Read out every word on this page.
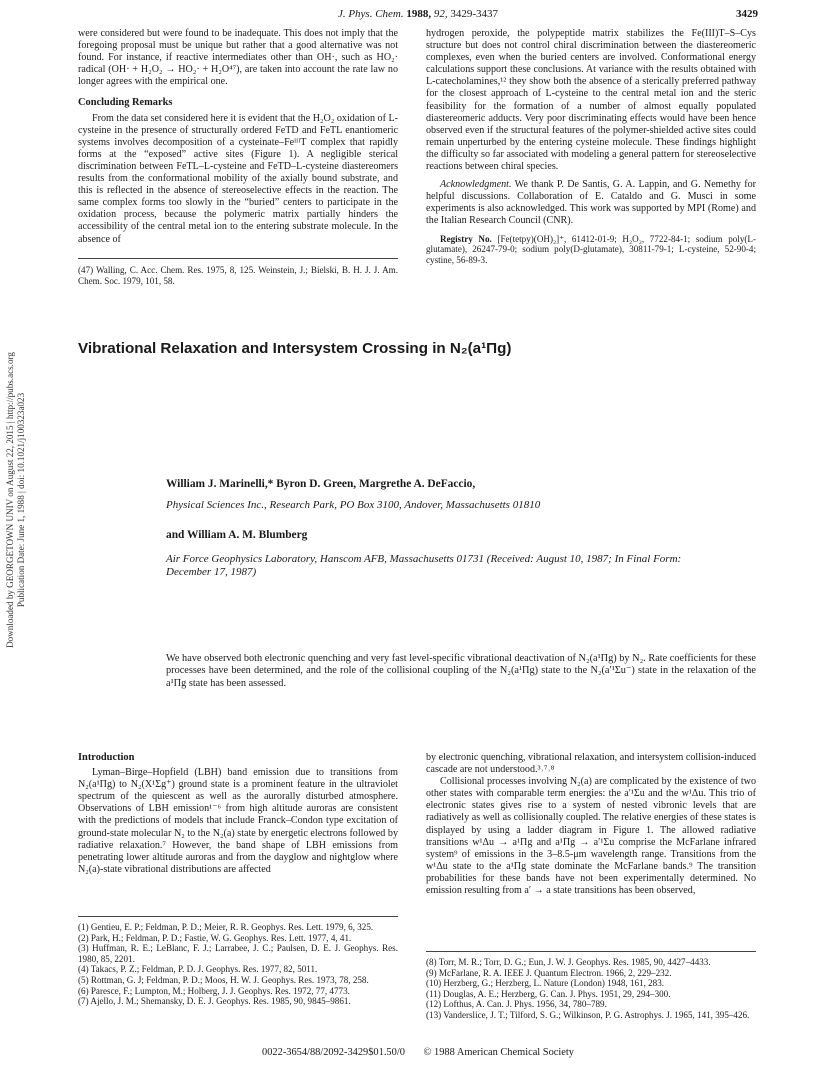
J. Phys. Chem. 1988, 92, 3429-3437	3429
Downloaded by GEORGETOWN UNIV on August 22, 2015 | http://pubs.acs.org Publication Date: June 1, 1988 | doi: 10.1021/j100323a023

were considered but were found to be inadequate. This does not imply that the foregoing proposal must be unique but rather that a good alternative was not found. For instance, if reactive intermediates other than OH·, such as HO₂· radical (OH· + H₂O₂ → HO₂· + H₂O⁴⁷), are taken into account the rate law no longer agrees with the empirical one.

Concluding Remarks

From the data set considered here it is evident that the H₂O₂ oxidation of L-cysteine in the presence of structurally ordered FeTD and FeTL enantiomeric systems involves decomposition of a cysteinate–FeᴵᴵᴵT complex that rapidly forms at the “exposed” active sites (Figure 1). A negligible sterical discrimination between FeTL–L-cysteine and FeTD–L-cysteine diastereomers results from the conformational mobility of the axially bound substrate, and this is reflected in the absence of stereoselective effects in the reaction. The same complex forms too slowly in the “buried” centers to participate in the oxidation process, because the polymeric matrix partially hinders the accessibility of the central metal ion to the entering substrate molecule. In the absence of

(47) Walling, C. Acc. Chem. Res. 1975, 8, 125. Weinstein, J.; Bielski, B. H. J. J. Am. Chem. Soc. 1979, 101, 58.

hydrogen peroxide, the polypeptide matrix stabilizes the Fe(III)T–S–Cys structure but does not control chiral discrimination between the diastereomeric complexes, even when the buried centers are involved. Conformational energy calculations support these conclusions. At variance with the results obtained with L-catecholamines,¹² they show both the absence of a sterically preferred pathway for the closest approach of L-cysteine to the central metal ion and the steric feasibility for the formation of a number of almost equally populated diastereomeric adducts. Very poor discriminating effects would have been hence observed even if the structural features of the polymer-shielded active sites could remain unperturbed by the entering cysteine molecule. These findings highlight the difficulty so far associated with modeling a general pattern for stereoselective reactions between chiral species.

Acknowledgment. We thank P. De Santis, G. A. Lappin, and G. Nemethy for helpful discussions. Collaboration of E. Cataldo and G. Musci in some experiments is also acknowledged. This work was supported by MPI (Rome) and the Italian Research Council (CNR).

Registry No. [Fe(tetpy)(OH)₂]⁺, 61412-01-9; H₂O₂, 7722-84-1; sodium poly(L-glutamate), 26247-79-0; sodium poly(D-glutamate), 30811-79-1; L-cysteine, 52-90-4; cystine, 56-89-3.

Vibrational Relaxation and Intersystem Crossing in N₂(a¹Πg)
William J. Marinelli,* Byron D. Green, Margrethe A. DeFaccio,
Physical Sciences Inc., Research Park, PO Box 3100, Andover, Massachusetts 01810
and William A. M. Blumberg
Air Force Geophysics Laboratory, Hanscom AFB, Massachusetts 01731 (Received: August 10, 1987; In Final Form: December 17, 1987)
We have observed both electronic quenching and very fast level-specific vibrational deactivation of N₂(a¹Πg) by N₂. Rate coefficients for these processes have been determined, and the role of the collisional coupling of the N₂(a¹Πg) state to the N₂(a′¹Σu⁻) state in the relaxation of the a¹Πg state has been assessed.
Introduction

Lyman–Birge–Hopfield (LBH) band emission due to transitions from N₂(a¹Πg) to N₂(X¹Σg⁺) ground state is a prominent feature in the ultraviolet spectrum of the quiescent as well as the aurorally disturbed atmosphere. Observations of LBH emission¹⁻⁶ from high altitude auroras are consistent with the predictions of models that include Franck–Condon type excitation of ground-state molecular N₂ to the N₂(a) state by energetic electrons followed by radiative relaxation.⁷ However, the band shape of LBH emissions from penetrating lower altitude auroras and from the dayglow and nightglow where N₂(a)-state vibrational distributions are affected

(1) Gentieu, E. P.; Feldman, P. D.; Meier, R. R. Geophys. Res. Lett. 1979, 6, 325.
(2) Park, H.; Feldman, P. D.; Fastie, W. G. Geophys. Res. Lett. 1977, 4, 41.
(3) Huffman, R. E.; LeBlanc, F. J.; Larrabee, J. C.; Paulsen, D. E. J. Geophys. Res. 1980, 85, 2201.
(4) Takacs, P. Z.; Feldman, P. D. J. Geophys. Res. 1977, 82, 5011.
(5) Rottman, G. J; Feldman, P. D.; Moos, H. W. J. Geophys. Res. 1973, 78, 258.
(6) Paresce, F.; Lumpton, M.; Holberg, J. J. Geophys. Res. 1972, 77, 4773.
(7) Ajello, J. M.; Shemansky, D. E. J. Geophys. Res. 1985, 90, 9845–9861.

by electronic quenching, vibrational relaxation, and intersystem collision-induced cascade are not understood.³˒⁷˒⁸

Collisional processes involving N₂(a) are complicated by the existence of two other states with comparable term energies: the a′¹Σu and the w¹Δu. This trio of electronic states gives rise to a system of nested vibronic levels that are radiatively as well as collisionally coupled. The relative energies of these states is displayed by using a ladder diagram in Figure 1. The allowed radiative transitions w¹Δu → a¹Πg and a¹Πg → a′¹Σu comprise the McFarlane infrared system⁹ of emissions in the 3–8.5-μm wavelength range. Transitions from the w¹Δu state to the a¹Πg state dominate the McFarlane bands.⁹ The transition probabilities for these bands have not been experimentally determined. No emission resulting from a′ → a state transitions has been observed,

(8) Torr, M. R.; Torr, D. G.; Eun, J. W. J. Geophys. Res. 1985, 90, 4427–4433.
(9) McFarlane, R. A. IEEE J. Quantum Electron. 1966, 2, 229–232.
(10) Herzberg, G.; Herzberg, L. Nature (London) 1948, 161, 283.
(11) Douglas, A. E.; Herzberg, G. Can. J. Phys. 1951, 29, 294–300.
(12) Lofthus, A. Can. J. Phys. 1956, 34, 780–789.
(13) Vanderslice, J. T.; Tilford, S. G.; Wilkinson, P. G. Astrophys. J. 1965, 141, 395–426.
0022-3654/88/2092-3429$01.50/0 © 1988 American Chemical Society
